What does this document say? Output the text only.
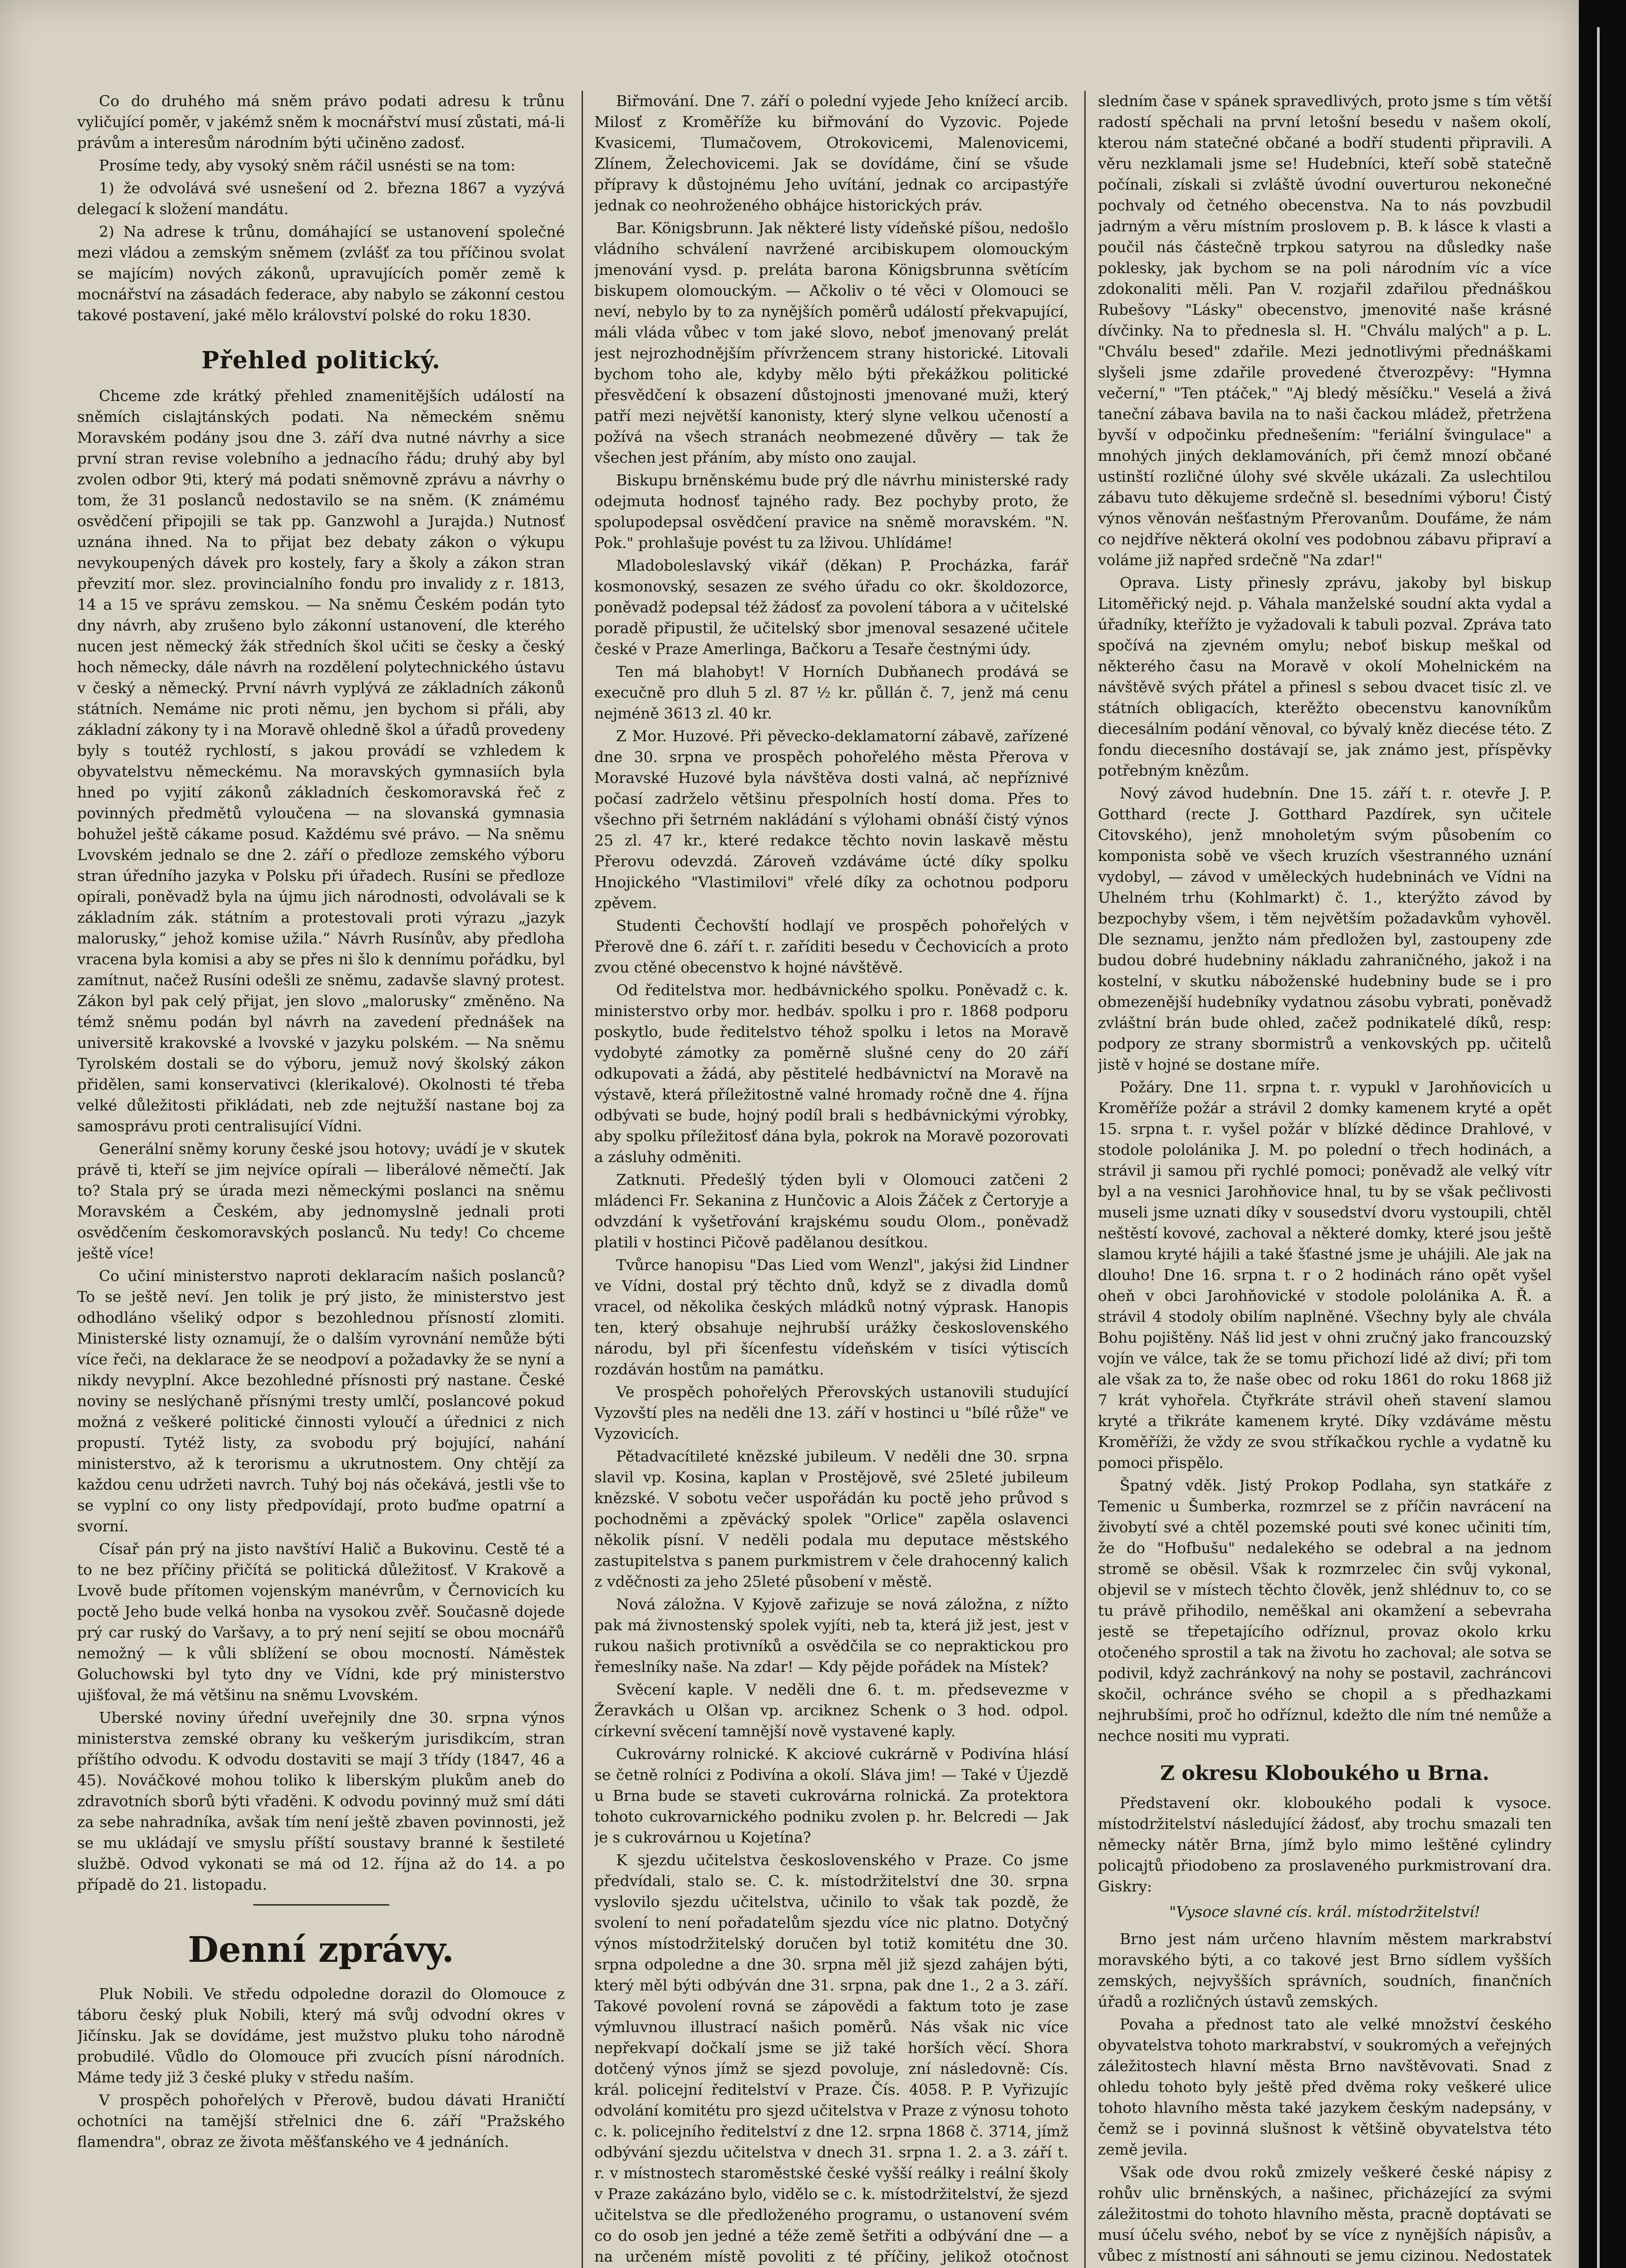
Co do druhého má sněm právo podati adresu k trůnu vyličující poměr, v jakémž sněm k mocnářství musí zůstati, má-li právům a interesům národním býti učiněno zadosť.

Prosíme tedy, aby vysoký sněm ráčil usnésti se na tom:

1) že odvolává své usnešení od 2. března 1867 a vyzývá delegací k složení mandátu.

2) Na adrese k trůnu, domáhající se ustanovení společné mezi vládou a zemským sněmem (zvlášť za tou příčinou svolat se majícím) nových zákonů, upravujících poměr země k mocnářství na zásadách federace, aby nabylo se zákonní cestou takové postavení, jaké mělo království polské do roku 1830.

Přehled politický.

Chceme zde krátký přehled znamenitějších událostí na sněmích cislajtánských podati. Na německém sněmu Moravském podány jsou dne 3. září dva nutné návrhy a sice první stran revise volebního a jednacího řádu; druhý aby byl zvolen odbor 9ti, který má podati sněmovně zprávu a návrhy o tom, že 31 poslanců nedostavilo se na sněm. (K známému osvědčení připojili se tak pp. Ganzwohl a Jurajda.) Nutnosť uznána ihned. Na to přijat bez debaty zákon o výkupu nevykoupených dávek pro kostely, fary a školy a zákon stran převzití mor. slez. provincialního fondu pro invalidy z r. 1813, 14 a 15 ve správu zemskou. — Na sněmu Českém podán tyto dny návrh, aby zrušeno bylo zákonní ustanovení, dle kterého nucen jest německý žák středních škol učiti se česky a český hoch německy, dále návrh na rozdělení polytechnického ústavu v český a německý. První návrh vyplývá ze základních zákonů státních. Nemáme nic proti němu, jen bychom si přáli, aby základní zákony ty i na Moravě ohledně škol a úřadů provedeny byly s toutéž rychlostí, s jakou provádí se vzhledem k obyvatelstvu německému. Na moravských gymnasiích byla hned po vyjití zákonů základních českomoravská řeč z povinných předmětů vyloučena — na slovanská gymnasia bohužel ještě cákame posud. Každému své právo. — Na sněmu Lvovském jednalo se dne 2. září o předloze zemského výboru stran úředního jazyka v Polsku při úřadech. Rusíni se předloze opírali, poněvadž byla na újmu jich národnosti, odvolávali se k základním zák. státním a protestovali proti výrazu „jazyk malorusky,“ jehož komise užila.“ Návrh Rusínův, aby předloha vracena byla komisi a aby se přes ni šlo k dennímu pořádku, byl zamítnut, načež Rusíni odešli ze sněmu, zadavše slavný protest. Zákon byl pak celý přijat, jen slovo „malorusky“ změněno. Na témž sněmu podán byl návrh na zavedení přednášek na universitě krakovské a lvovské v jazyku polském. — Na sněmu Tyrolském dostali se do výboru, jemuž nový školský zákon přidělen, sami konservativci (klerikalové). Okolnosti té třeba velké důležitosti přikládati, neb zde nejtužší nastane boj za samosprávu proti centralisující Vídni.

Generální sněmy koruny české jsou hotovy; uvádí je v skutek právě ti, kteří se jim nejvíce opírali — liberálové němečtí. Jak to? Stala prý se úrada mezi německými poslanci na sněmu Moravském a Českém, aby jednomyslně jednali proti osvědčením českomoravských poslanců. Nu tedy! Co chceme ještě více!

Co učiní ministerstvo naproti deklaracím našich poslanců? To se ještě neví. Jen tolik je prý jisto, že ministerstvo jest odhodláno všeliký odpor s bezohlednou přísností zlomiti. Ministerské listy oznamují, že o dalším vyrovnání nemůže býti více řeči, na deklarace že se neodpoví a požadavky že se nyní a nikdy nevyplní. Akce bezohledné přísnosti prý nastane. České noviny se neslýchaně přísnými tresty umlčí, poslancové pokud možná z veškeré politické činnosti vyloučí a úřednici z nich propustí. Tytéž listy, za svobodu prý bojující, nahání ministerstvo, až k terorismu a ukrutnostem. Ony chtějí za každou cenu udržeti navrch. Tuhý boj nás očekává, jestli vše to se vyplní co ony listy předpovídají, proto buďme opatrní a svorní.

Císař pán prý na jisto navštíví Halič a Bukovinu. Cestě té a to ne bez příčiny přičítá se politická důležitosť. V Krakově a Lvově bude přítomen vojenským manévrům, v Černovicích ku poctě Jeho bude velká honba na vysokou zvěř. Současně dojede prý car ruský do Varšavy, a to prý není sejití se obou mocnářů nemožný — k vůli sblížení se obou mocností. Náměstek Goluchowski byl tyto dny ve Vídni, kde prý ministerstvo ujišťoval, že má většinu na sněmu Lvovském.

Uberské noviny úřední uveřejnily dne 30. srpna výnos ministerstva zemské obrany ku veškerým jurisdikcím, stran příštího odvodu. K odvodu dostaviti se mají 3 třídy (1847, 46 a 45). Nováčkové mohou toliko k liberským plukům aneb do zdravotních sborů býti vřaděni. K odvodu povinný muž smí dáti za sebe nahradníka, avšak tím není ještě zbaven povinnosti, jež se mu ukládají ve smyslu příští soustavy branné k šestileté službě. Odvod vykonati se má od 12. října až do 14. a po případě do 21. listopadu.

Denní zprávy.

Pluk Nobili. Ve středu odpoledne dorazil do Olomouce z táboru český pluk Nobili, který má svůj odvodní okres v Jičínsku. Jak se dovídáme, jest mužstvo pluku toho národně probudilé. Vůdlo do Olomouce při zvucích písní národních. Máme tedy již 3 české pluky v středu naším.

V prospěch pohořelých v Přerově, budou dávati Hraničtí ochotníci na tamější střelnici dne 6. září "Pražského flamendra", obraz ze života měšťanského ve 4 jednáních.

Biřmování. Dne 7. září o polední vyjede Jeho knížecí arcib. Milosť z Kroměříže ku biřmování do Vyzovic. Pojede Kvasicemi, Tlumačovem, Otrokovicemi, Malenovicemi, Zlínem, Želechovicemi. Jak se dovídáme, činí se všude přípravy k důstojnému Jeho uvítání, jednak co arcipastýře jednak co neohroženého obhájce historických práv.

Bar. Königsbrunn. Jak některé listy vídeňské píšou, nedošlo vládního schválení navržené arcibiskupem olomouckým jmenování vysd. p. preláta barona Königsbrunna světícím biskupem olomouckým. — Ačkoliv o té věci v Olomouci se neví, nebylo by to za nynějších poměrů událostí překvapující, máli vláda vůbec v tom jaké slovo, neboť jmenovaný prelát jest nejrozhodnějším přívržencem strany historické. Litovali bychom toho ale, kdyby mělo býti překážkou politické přesvědčení k obsazení důstojnosti jmenované muži, který patří mezi největší kanonisty, který slyne velkou učeností a požívá na všech stranách neobmezené důvěry — tak že všechen jest přáním, aby místo ono zaujal.

Biskupu brněnskému bude prý dle návrhu ministerské rady odejmuta hodnosť tajného rady. Bez pochyby proto, že spolupodepsal osvědčení pravice na sněmě moravském. "N. Pok." prohlašuje povést tu za lživou. Uhlídáme!

Mladoboleslavský vikář (děkan) P. Procházka, farář kosmonovský, sesazen ze svého úřadu co okr. školdozorce, poněvadž podepsal též žádosť za povolení tábora a v učitelské poradě připustil, že učitelský sbor jmenoval sesazené učitele české v Praze Amerlinga, Bačkoru a Tesaře čestnými údy.

Ten má blahobyt! V Horních Dubňanech prodává se execučně pro dluh 5 zl. 87 ½ kr. půllán č. 7, jenž má cenu nejméně 3613 zl. 40 kr.

Z Mor. Huzové. Při pěvecko-deklamatorní zábavě, zařízené dne 30. srpna ve prospěch pohořelého města Přerova v Moravské Huzové byla návštěva dosti valná, ač nepříznivé počasí zadrželo většinu přespolních hostí doma. Přes to všechno při šetrném nakládání s výlohami obnáší čistý výnos 25 zl. 47 kr., které redakce těchto novin laskavě městu Přerovu odevzdá. Zároveň vzdáváme úcté díky spolku Hnojického "Vlastimilovi" vřelé díky za ochotnou podporu zpěvem.

Studenti Čechovští hodlají ve prospěch pohořelých v Přerově dne 6. září t. r. zaříditi besedu v Čechovicích a proto zvou ctěné obecenstvo k hojné návštěvě.

Od ředitelstva mor. hedbávnického spolku. Poněvadž c. k. ministerstvo orby mor. hedbáv. spolku i pro r. 1868 podporu poskytlo, bude ředitelstvo téhož spolku i letos na Moravě vydobyté zámotky za poměrně slušné ceny do 20 září odkupovati a žádá, aby pěstitelé hedbávnictví na Moravě na výstavě, která příležitostně valné hromady ročně dne 4. října odbývati se bude, hojný podíl brali s hedbávnickými výrobky, aby spolku příležitosť dána byla, pokrok na Moravě pozorovati a zásluhy odměniti.

Zatknuti. Předešlý týden byli v Olomouci zatčeni 2 mládenci Fr. Sekanina z Hunčovic a Alois Žáček z Čertoryje a odvzdání k vyšetřování krajskému soudu Olom., poněvadž platili v hostinci Pičově padělanou desítkou.

Tvůrce hanopisu "Das Lied vom Wenzl", jakýsi žid Lindner ve Vídni, dostal prý těchto dnů, když se z divadla domů vracel, od několika českých mládků notný výprask. Hanopis ten, který obsahuje nejhrubší urážky československého národu, byl při šícenfestu vídeňském v tisíci výtiscích rozdáván hostům na památku.

Ve prospěch pohořelých Přerovských ustanovili studující Vyzovští ples na neděli dne 13. září v hostinci u "bílé růže" ve Vyzovicích.

Pětadvacítileté knězské jubileum. V neděli dne 30. srpna slavil vp. Kosina, kaplan v Prostějově, své 25leté jubileum knězské. V sobotu večer uspořádán ku poctě jeho průvod s pochodněmi a zpěvácký spolek "Orlice" zapěla oslavenci několik písní. V neděli podala mu deputace městského zastupitelstva s panem purkmistrem v čele drahocenný kalich z vděčnosti za jeho 25leté působení v městě.

Nová záložna. V Kyjově zařizuje se nová záložna, z nížto pak má živnostenský spolek vyjíti, neb ta, která již jest, jest v rukou našich protivníků a osvědčila se co nepraktickou pro řemeslníky naše. Na zdar! — Kdy pějde pořádek na Místek?

Svěcení kaple. V neděli dne 6. t. m. předsevezme v Žeravkách u Olšan vp. arciknez Schenk o 3 hod. odpol. církevní svěcení tamnější nově vystavené kaply.

Cukrovárny rolnické. K akciové cukrárně v Podivína hlásí se četně rolníci z Podivína a okolí. Sláva jim! — Také v Újezdě u Brna bude se staveti cukrovárna rolnická. Za protektora tohoto cukrovarnického podniku zvolen p. hr. Belcredi — Jak je s cukrovárnou u Kojetína?

K sjezdu učitelstva československého v Praze. Co jsme předvídali, stalo se. C. k. místodržitelství dne 30. srpna vyslovilo sjezdu učitelstva, učinilo to však tak pozdě, že svolení to není pořadatelům sjezdu více nic platno. Dotyčný výnos místodržitelský doručen byl totiž komitétu dne 30. srpna odpoledne a dne 30. srpna měl již sjezd zahájen býti, který měl býti odbýván dne 31. srpna, pak dne 1., 2 a 3. září. Takové povolení rovná se zápovědi a faktum toto je zase výmluvnou illustrací našich poměrů. Nás však nic více nepřekvapí dočkalí jsme se již také horších věcí. Shora dotčený výnos jímž se sjezd povoluje, zní následovně: Cís. král. policejní ředitelství v Praze. Čís. 4058. P. P. Vyřizujíc odvolání komitétu pro sjezd učitelstva v Praze z výnosu tohoto c. k. policejního ředitelství z dne 12. srpna 1868 č. 3714, jímž odbývání sjezdu učitelstva v dnech 31. srpna 1. 2. a 3. září t. r. v místnostech staroměstské české vyšší reálky i reální školy v Praze zakázáno bylo, vidělo se c. k. místodržitelství, že sjezd učitelstva se dle předloženého programu, o ustanovení svém co do osob jen jedné a téže země šetřiti a odbývání dne — a na určeném místě povoliti z té příčiny, jelikož otočnost

sledním čase v spánek spravedlivých, proto jsme s tím větší radostí spěchali na první letošní besedu v našem okolí, kterou nám statečné občané a bodří studenti připravili. A věru nezklamali jsme se! Hudebníci, kteří sobě statečně počínali, získali si zvláště úvodní ouverturou nekonečné pochvaly od četného obecenstva. Na to nás povzbudil jadrným a věru místním proslovem p. B. k lásce k vlasti a poučil nás částečně trpkou satyrou na důsledky naše poklesky, jak bychom se na poli národním víc a více zdokonaliti měli. Pan V. rozjařil zdařilou přednáškou Rubešovy "Lásky" obecenstvo, jmenovité naše krásné dívčinky. Na to přednesla sl. H. "Chválu malých" a p. L. "Chválu besed" zdařile. Mezi jednotlivými přednáškami slyšeli jsme zdařile provedené čtverozpěvy: "Hymna večerní," "Ten ptáček," "Aj bledý měsíčku." Veselá a živá taneční zábava bavila na to naši čackou mládež, přetržena byvší v odpočinku přednešením: "feriální švingulace" a mnohých jiných deklamováních, při čemž mnozí občané ustinští rozličné úlohy své skvěle ukázali. Za uslechtilou zábavu tuto děkujeme srdečně sl. besedními výboru! Čistý výnos věnován nešťastným Přerovanům. Doufáme, že nám co nejdříve některá okolní ves podobnou zábavu připraví a voláme již napřed srdečně "Na zdar!"

Oprava. Listy přinesly zprávu, jakoby byl biskup Litoměřický nejd. p. Váhala manželské soudní akta vydal a úřadníky, kteřížto je vyžadovali k tabuli pozval. Zpráva tato spočívá na zjevném omylu; neboť biskup meškal od některého času na Moravě v okolí Mohelnickém na návštěvě svých přátel a přinesl s sebou dvacet tisíc zl. ve státních obligacích, kterěžto obecenstvu kanovníkům diecesálním podání věnoval, co bývalý kněz diecése této. Z fondu diecesního dostávají se, jak známo jest, příspěvky potřebným knězům.

Nový závod hudebnín. Dne 15. září t. r. otevře J. P. Gotthard (recte J. Gotthard Pazdírek, syn učitele Citovského), jenž mnoholetým svým působením co komponista sobě ve všech kruzích všestranného uznání vydobyl, — závod v uměleckých hudebninách ve Vídni na Uhelném trhu (Kohlmarkt) č. 1., kterýžto závod by bezpochyby všem, i těm největším požadavkům vyhověl. Dle seznamu, jenžto nám předložen byl, zastoupeny zde budou dobré hudebniny nákladu zahraničného, jakož i na kostelní, v skutku náboženské hudebniny bude se i pro obmezenější hudebníky vydatnou zásobu vybrati, poněvadž zvláštní brán bude ohled, začež podnikatelé díků, resp: podpory ze strany sbormistrů a venkovských pp. učitelů jistě v hojné se dostane míře.

Požáry. Dne 11. srpna t. r. vypukl v Jarohňovicích u Kroměříže požár a strávil 2 domky kamenem kryté a opět 15. srpna t. r. vyšel požár v blízké dědince Drahlové, v stodole pololánika J. M. po polední o třech hodinách, a strávil ji samou při rychlé pomoci; poněvadž ale velký vítr byl a na vesnici Jarohňovice hnal, tu by se však pečlivosti museli jsme uznati díky v sousedství dvoru vystoupili, chtěl neštěstí kovové, zachoval a některé domky, které jsou ještě slamou kryté hájili a také šťastné jsme je uhájili. Ale jak na dlouho! Dne 16. srpna t. r o 2 hodinách ráno opět vyšel oheň v obci Jarohňovické v stodole pololánika A. Ř. a strávil 4 stodoly obilím naplněné. Všechny byly ale chvála Bohu pojištěny. Náš lid jest v ohni zručný jako francouzský vojín ve válce, tak že se tomu přichozí lidé až diví; při tom ale však za to, že naše obec od roku 1861 do roku 1868 již 7 krát vyhořela. Čtyřkráte strávil oheň stavení slamou kryté a třikráte kamenem kryté. Díky vzdáváme městu Kroměříži, že vždy ze svou stříkačkou rychle a vydatně ku pomoci přispělo.

Špatný vděk. Jistý Prokop Podlaha, syn statkáře z Temenic u Šumberka, rozmrzel se z příčin navrácení na živobytí své a chtěl pozemské pouti své konec učiniti tím, že do "Hofbušu" nedalekého se odebral a na jednom stromě se oběsil. Však k rozmrzelec čin svůj vykonal, objevil se v místech těchto člověk, jenž shlédnuv to, co se tu právě přihodilo, neměškal ani okamžení a sebevraha jestě se třepetajícího odříznul, provaz okolo krku otočeného sprostil a tak na životu ho zachoval; ale sotva se podivil, když zachránkový na nohy se postavil, zachráncovi skočil, ochránce svého se chopil a s předhazkami nejhrubšími, proč ho odříznul, kdežto dle ním tné nemůže a nechce nositi mu vyprati.

Z okresu Kloboukého u Brna.

Představení okr. kloboukého podali k vysoce. místodržitelství následující žádosť, aby trochu smazali ten německy nátěr Brna, jímž bylo mimo leštěné cylindry policajtů přiodobeno za proslaveného purkmistrovaní dra. Giskry:

"Vysoce slavné cís. král. místodržitelství!

Brno jest nám určeno hlavním městem markrabství moravského býti, a co takové jest Brno sídlem vyšších zemských, nejvyšších správních, soudních, finančních úřadů a rozličných ústavů zemských.

Povaha a přednost tato ale velké množství českého obyvatelstva tohoto markrabství, v soukromých a veřejných záležitostech hlavní města Brno navštěvovati. Snad z ohledu tohoto byly ještě před dvěma roky veškeré ulice tohoto hlavního města také jazykem českým nadepsány, v čemž se i povinná slušnost k většině obyvatelstva této země jevila.

Však ode dvou roků zmizely veškeré české nápisy z rohův ulic brněnských, a našinec, přicházející za svými záležitostmi do tohoto hlavního města, pracně doptávati se musí účelu svého, neboť by se více z nynějších nápisův, a vůbec z místností ani sáhnouti se jemu cizinou. Nedostatek
